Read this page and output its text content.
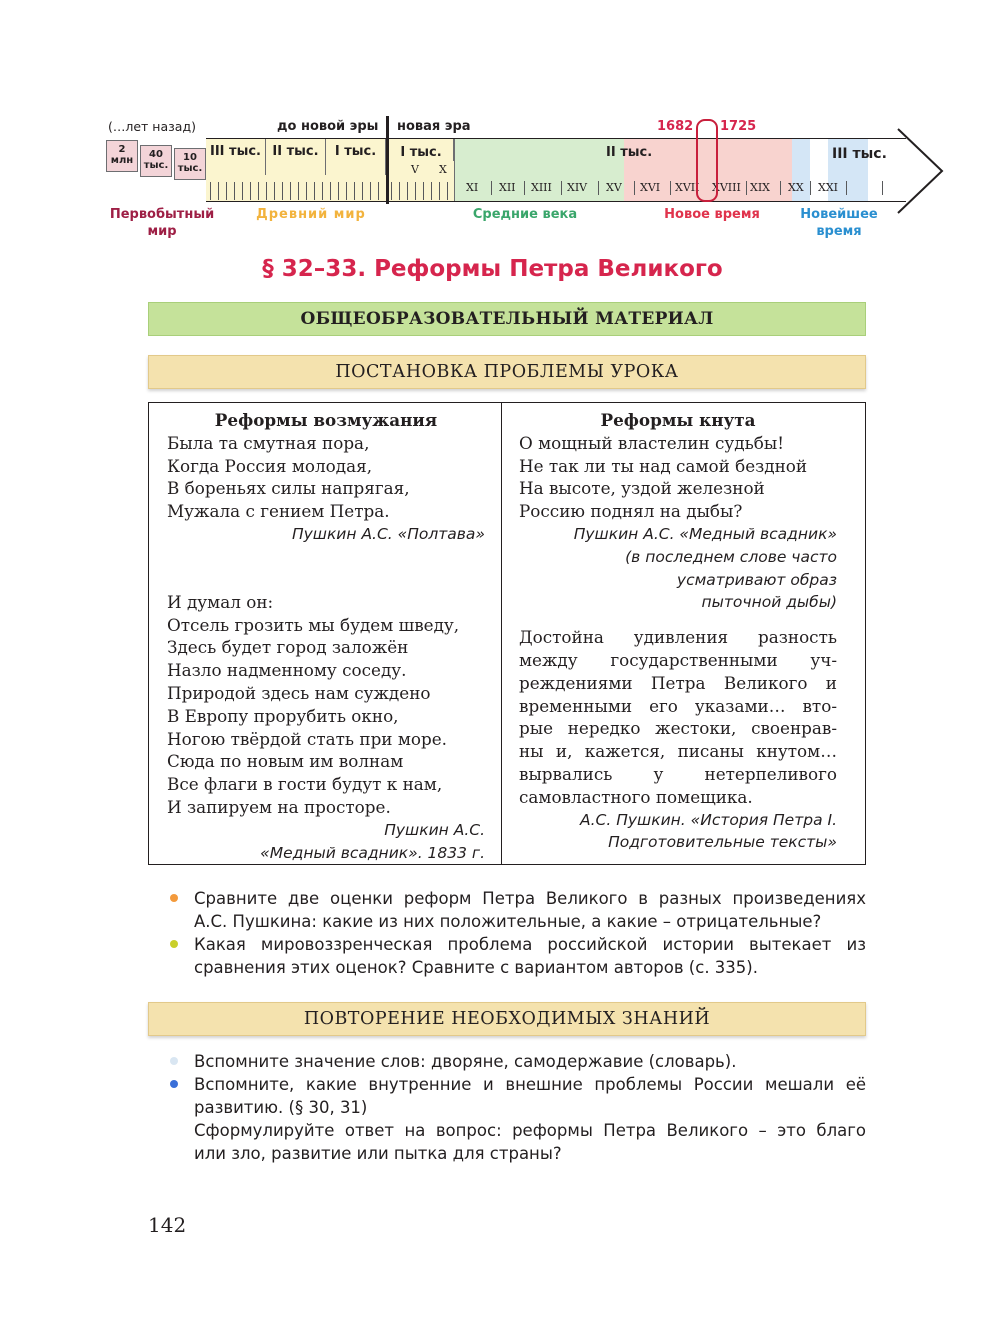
(…лет назад)	до новой эры новая эра	1682 1725
2 млн
40 тыс.
10 тыс.
III тыс. II тыс.	I тыс.	I тыс.
V X
II тыс.	III тыс.
XI XII XIII XIV XV XVI XVII XVIII XIX XX XXI
Первобытный мир
Древний мир	Средние века	Новое время	Новейшее время
§ 32–33. Реформы Петра Великого
ОБЩЕОБРАЗОВАТЕЛЬНЫЙ МАТЕРИАЛ
ПОСТАНОВКА ПРОБЛЕМЫ УРОКА
Реформы возмужания
Была та смутная пора,
Когда Россия молодая,
В бореньях силы напрягая,
Мужала с гением Петра.
Пушкин А.С. «Полтава»
И думал он:
Отсель грозить мы будем шведу,
Здесь будет город заложён
Назло надменному соседу.
Природой здесь нам суждено
В Европу прорубить окно,
Ногою твёрдой стать при море.
Сюда по новым им волнам
Все флаги в гости будут к нам,
И запируем на просторе.
Пушкин А.С.
«Медный всадник». 1833 г.
Реформы кнута
О мощный властелин судьбы!
Не так ли ты над самой бездной
На высоте, уздой железной
Россию поднял на дыбы?
Пушкин А.С. «Медный всадник»
(в последнем слове часто
усматривают образ
пыточной дыбы)
Достойна удивления разность
между государственными уч-
реждениями Петра Великого и
временными его указами… вто-
рые нередко жестоки, своенрав-
ны и, кажется, писаны кнутом…
вырвались у нетерпеливого
самовластного помещика.
А.С. Пушкин. «История Петра I.
Подготовительные тексты»
Сравните две оценки реформ Петра Великого в разных произведениях
А.С. Пушкина: какие из них положительные, а какие – отрицательные?
Какая мировоззренческая проблема российской истории вытекает из
сравнения этих оценок? Сравните с вариантом авторов (с. 335).
ПОВТОРЕНИЕ НЕОБХОДИМЫХ ЗНАНИЙ
Вспомните значение слов: дворяне, самодержавие (словарь).
Вспомните, какие внутренние и внешние проблемы России мешали её
развитию. (§ 30, 31)
Сформулируйте ответ на вопрос: реформы Петра Великого – это благо
или зло, развитие или пытка для страны?
142
